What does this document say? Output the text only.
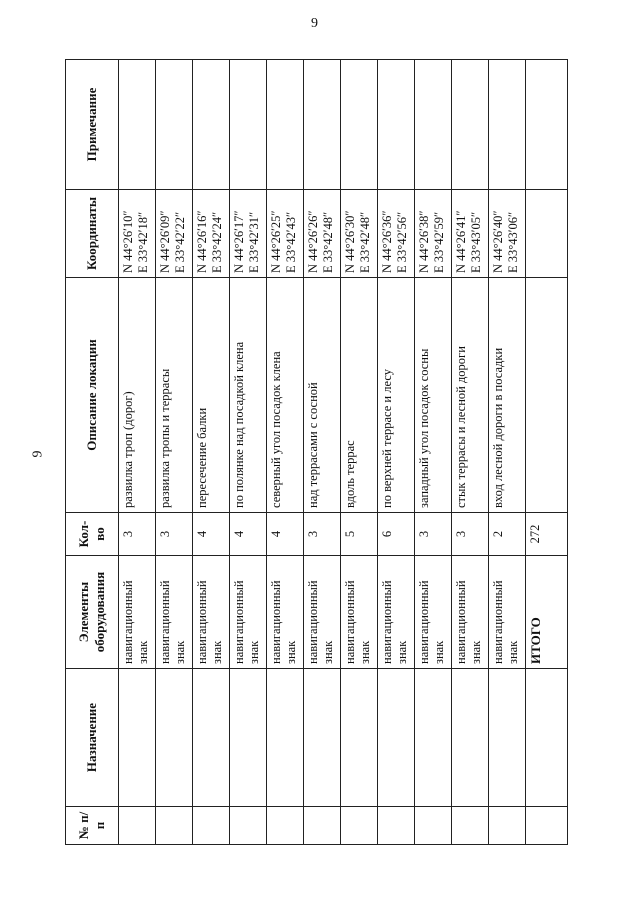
9
9
№ п/п	Назначение	Элементы оборудования	Кол-во	Описание локации	Координаты	Примечание
		навигационный знак	3	развилка троп (дорог)	N 44°26′10″ E 33°42′18″	

		навигационный знак	3	развилка тропы и террасы	N 44°26′09″ E 33°42′22″	

		навигационный знак	4	пересечение балки	N 44°26′16″ E 33°42′24″	

		навигационный знак	4	по полянке над посадкой клена	N 44°26′17″ E 33°42′31″	

		навигационный знак	4	северный угол посадок клена	N 44°26′25″ E 33°42′43″	

		навигационный знак	3	над террасами с сосной	N 44°26′26″ E 33°42′48″	

		навигационный знак	5	вдоль террас	N 44°26′30″ E 33°42′48″	

		навигационный знак	6	по верхней террасе и лесу	N 44°26′36″ E 33°42′56″	

		навигационный знак	3	западный угол посадок сосны	N 44°26′38″ E 33°42′59″	

		навигационный знак	3	стык террасы и лесной дороги	N 44°26′41″ E 33°43′05″	

		навигационный знак	2	вход лесной дороги в посадки	N 44°26′40″ E 33°43′06″	

		ИТОГО	272			
